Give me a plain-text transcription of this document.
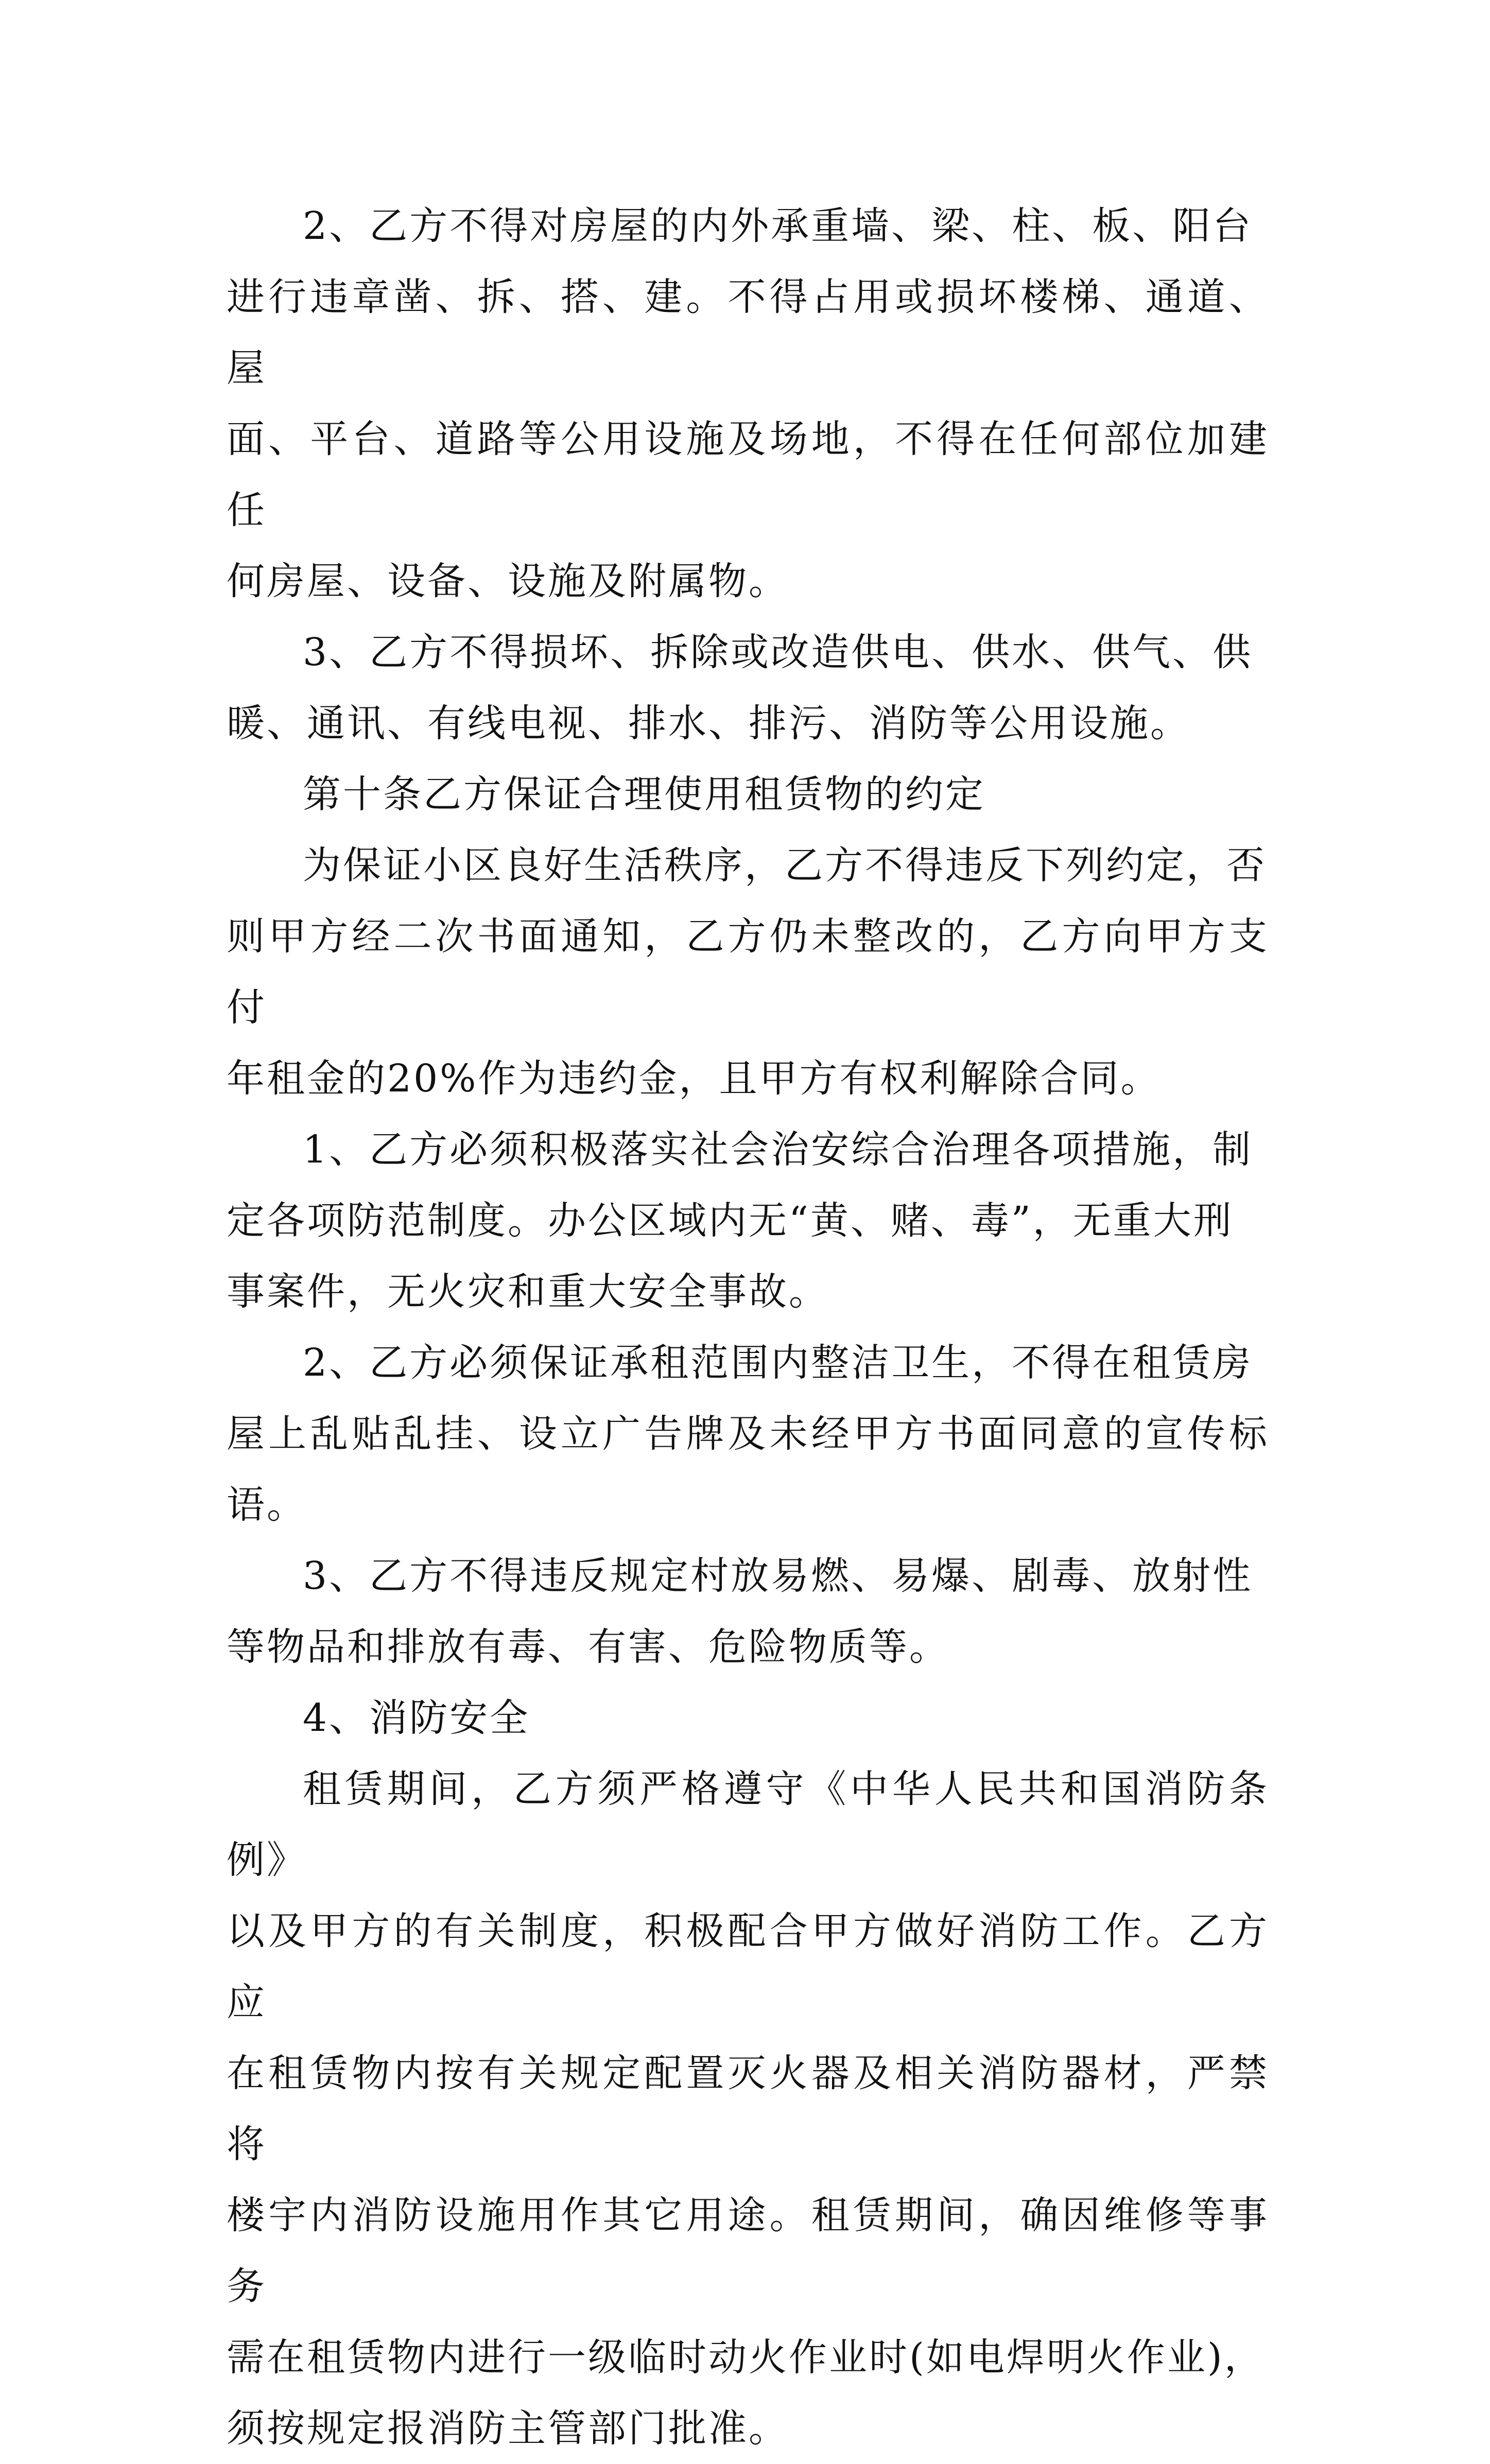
2、乙方不得对房屋的内外承重墙、梁、柱、板、阳台
进行违章凿、拆、搭、建。不得占用或损坏楼梯、通道、屋
面、平台、道路等公用设施及场地，不得在任何部位加建任
何房屋、设备、设施及附属物。

3、乙方不得损坏、拆除或改造供电、供水、供气、供
暖、通讯、有线电视、排水、排污、消防等公用设施。

第十条乙方保证合理使用租赁物的约定

为保证小区良好生活秩序，乙方不得违反下列约定，否
则甲方经二次书面通知，乙方仍未整改的，乙方向甲方支付
年租金的20%作为违约金，且甲方有权利解除合同。

1、乙方必须积极落实社会治安综合治理各项措施，制
定各项防范制度。办公区域内无“黄、赌、毒”，无重大刑
事案件，无火灾和重大安全事故。

2、乙方必须保证承租范围内整洁卫生，不得在租赁房
屋上乱贴乱挂、设立广告牌及未经甲方书面同意的宣传标语。

3、乙方不得违反规定村放易燃、易爆、剧毒、放射性
等物品和排放有毒、有害、危险物质等。

4、消防安全

租赁期间，乙方须严格遵守《中华人民共和国消防条例》
以及甲方的有关制度，积极配合甲方做好消防工作。乙方应
在租赁物内按有关规定配置灭火器及相关消防器材，严禁将
楼宇内消防设施用作其它用途。租赁期间，确因维修等事务
需在租赁物内进行一级临时动火作业时(如电焊明火作业)，
须按规定报消防主管部门批准。
